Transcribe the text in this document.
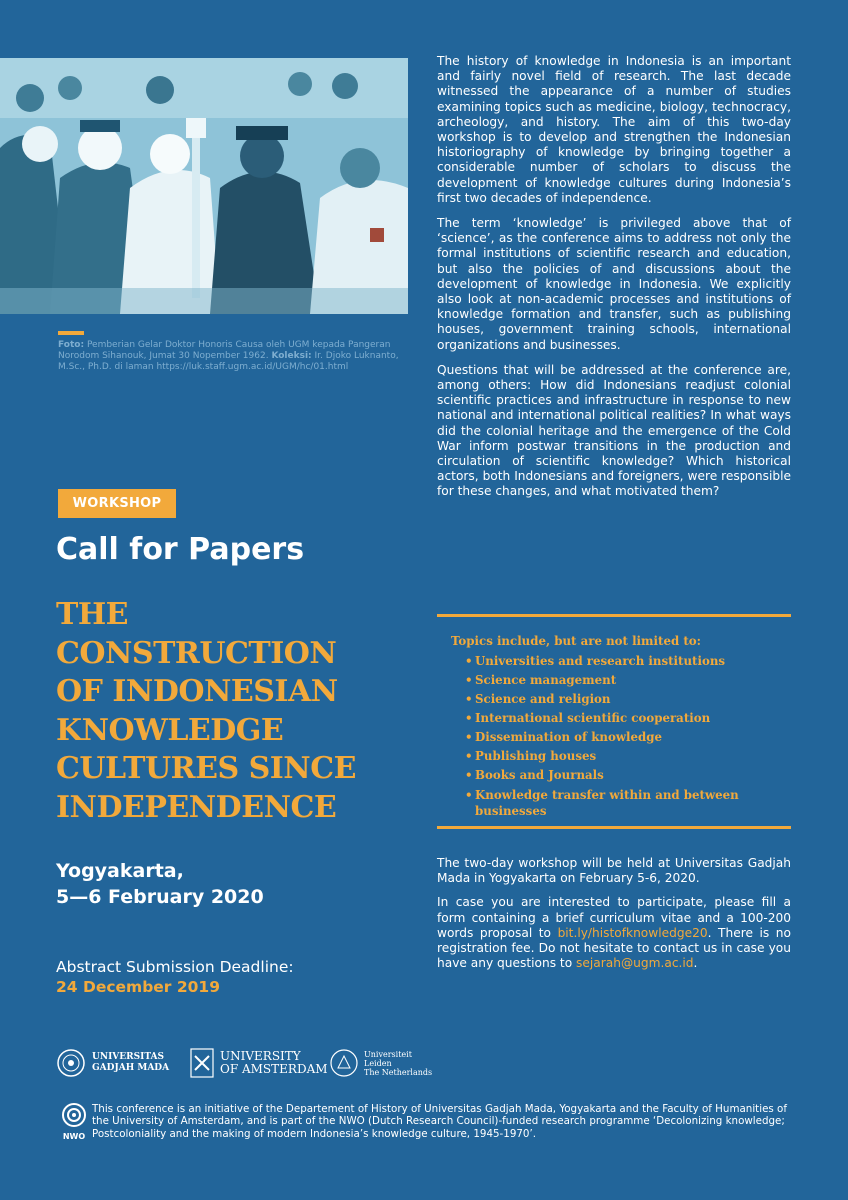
Foto: Pemberian Gelar Doktor Honoris Causa oleh UGM kepada Pangeran Norodom Sihanouk, Jumat 30 Nopember 1962. Koleksi: Ir. Djoko Luknanto, M.Sc., Ph.D. di laman https://luk.staff.ugm.ac.id/UGM/hc/01.html
WORKSHOP
Call for Papers
THE
CONSTRUCTION
OF INDONESIAN
KNOWLEDGE
CULTURES SINCE
INDEPENDENCE
Yogyakarta,
5—6 February 2020
Abstract Submission Deadline:
24 December 2019

The history of knowledge in Indonesia is an important and fairly novel field of research. The last decade witnessed the appearance of a number of studies examining topics such as medicine, biology, technocracy, archeology, and history. The aim of this two-day workshop is to develop and strengthen the Indonesian historiography of knowledge by bringing together a considerable number of scholars to discuss the development of knowledge cultures during Indonesia’s first two decades of independence.

The term ‘knowledge’ is privileged above that of ‘science’, as the conference aims to address not only the formal institutions of scientific research and education, but also the policies of and discussions about the development of knowledge in Indonesia. We explicitly also look at non-academic processes and institutions of knowledge formation and transfer, such as publishing houses, government training schools, international organizations and businesses.

Questions that will be addressed at the conference are, among others: How did Indonesians readjust colonial scientific practices and infrastructure in response to new national and international political realities? In what ways did the colonial heritage and the emergence of the Cold War inform postwar transitions in the production and circulation of scientific knowledge? Which historical actors, both Indonesians and foreigners, were responsible for these changes, and what motivated them?

Topics include, but are not limited to:
• Universities and research institutions
• Science management
• Science and religion
• International scientific cooperation
• Dissemination of knowledge
• Publishing houses
• Books and Journals
• Knowledge transfer within and between businesses

The two-day workshop will be held at Universitas Gadjah Mada in Yogyakarta on February 5-6, 2020.

In case you are interested to participate, please fill a form containing a brief curriculum vitae and a 100-200 words proposal to bit.ly/histofknowledge20. There is no registration fee. Do not hesitate to contact us in case you have any questions to sejarah@ugm.ac.id.

UNIVERSITAS
GADJAH MADA
UNIVERSITY
OF AMSTERDAM
Universiteit
Leiden
The Netherlands
NWO
This conference is an initiative of the Departement of History of Universitas Gadjah Mada, Yogyakarta and the Faculty of Humanities of the University of Amsterdam, and is part of the NWO (Dutch Research Council)-funded research programme ‘Decolonizing knowledge; Postcoloniality and the making of modern Indonesia’s knowledge culture, 1945-1970’.
